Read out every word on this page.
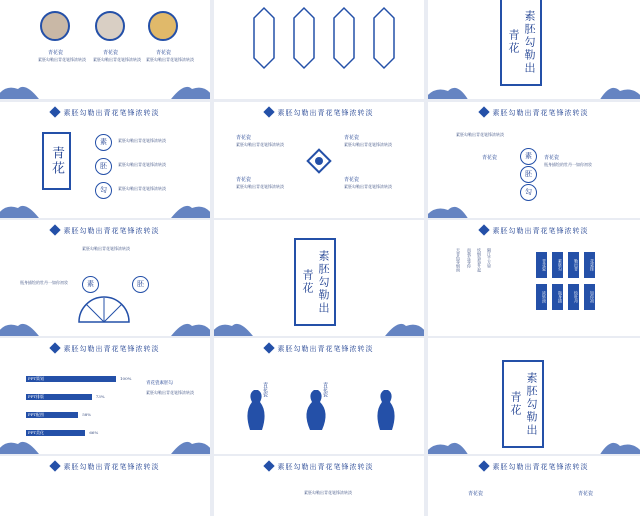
青花瓷	青花瓷	青花瓷
素胚勾勒出青花笔锋浓转淡 素胚勾勒出青花笔锋浓转淡 素胚勾勒出青花笔锋浓转淡	素胚勾勒出青花
素胚勾勒出青花笔锋浓转淡
青花
素
胚
勾
素胚勾勒出青花笔锋浓转淡
素胚勾勒出青花笔锋浓转淡
素胚勾勒出青花笔锋浓转淡
素胚勾勒出青花笔锋浓转淡
青花瓷
素胚勾勒出青花笔锋浓转淡
青花瓷
素胚勾勒出青花笔锋浓转淡
青花瓷
素胚勾勒出青花笔锋浓转淡
青花瓷
素胚勾勒出青花笔锋浓转淡
素胚勾勒出青花笔锋浓转淡
素胚勾勒出青花笔锋浓转淡
青花瓷	素
胚
勾
青花瓷
瓶身描绘的牡丹一如你初妆
素胚勾勒出青花笔锋浓转淡
素胚勾勒出青花笔锋浓转淡
瓶身描绘的牡丹一如你初妆	素	胚	素胚勾勒出青花
素胚勾勒出青花笔锋浓转淡
天青色等烟雨 而我在等你 炊烟袅袅升起 隔江千万里	青花瓷	素胚勾	勒出青	花笔锋
浓转淡	瓶身描	绘牡丹	如你初
素胚勾勒出青花笔锋浓转淡
青花瓷素胚勾
素胚勾勒出青花笔锋浓转淡
PPT策划	100%
PPT排版	73%
PPT配图	58%
PPT美化	66%
素胚勾勒出青花笔锋浓转淡
青花瓷	青花瓷	素胚勾勒出青花
素胚勾勒出青花笔锋浓转淡	素胚勾勒出青花笔锋浓转淡
素胚勾勒出青花笔锋浓转淡
素胚勾勒出青花笔锋浓转淡
青花瓷	青花瓷
